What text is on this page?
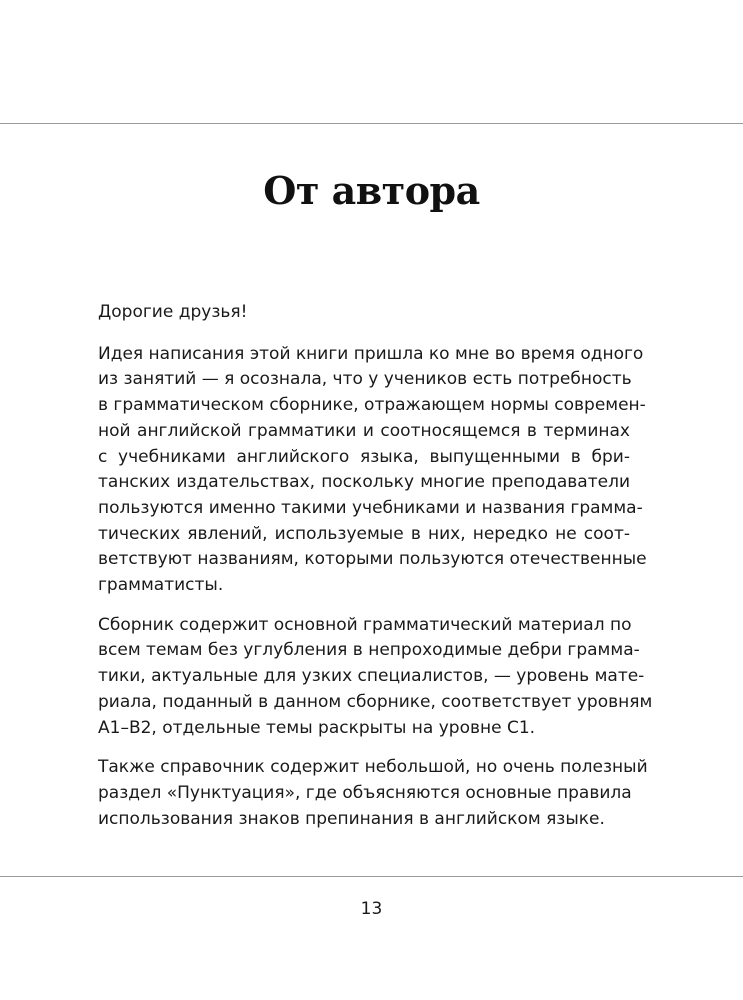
От автора

Дорогие друзья!

Идея написания этой книги пришла ко мне во время одного
из занятий — я осознала, что у учеников есть потребность
в грамматическом сборнике, отражающем нормы современ-
ной английской грамматики и соотносящемся в терминах
с учебниками английского языка, выпущенными в бри-
танских издательствах, поскольку многие преподаватели
пользуются именно такими учебниками и названия граммa-
тических явлений, используемые в них, нередко не соот-
ветствуют названиям, которыми пользуются отечественные
грамматисты.

Сборник содержит основной грамматический материал по
всем темам без углубления в непроходимые дебри грамма-
тики, актуальные для узких специалистов, — уровень мате-
риала, поданный в данном сборнике, соответствует уровням
A1–B2, отдельные темы раскрыты на уровне C1.

Также справочник содержит небольшой, но очень полезный
раздел «Пунктуация», где объясняются основные правила
использования знаков препинания в английском языке.

13
